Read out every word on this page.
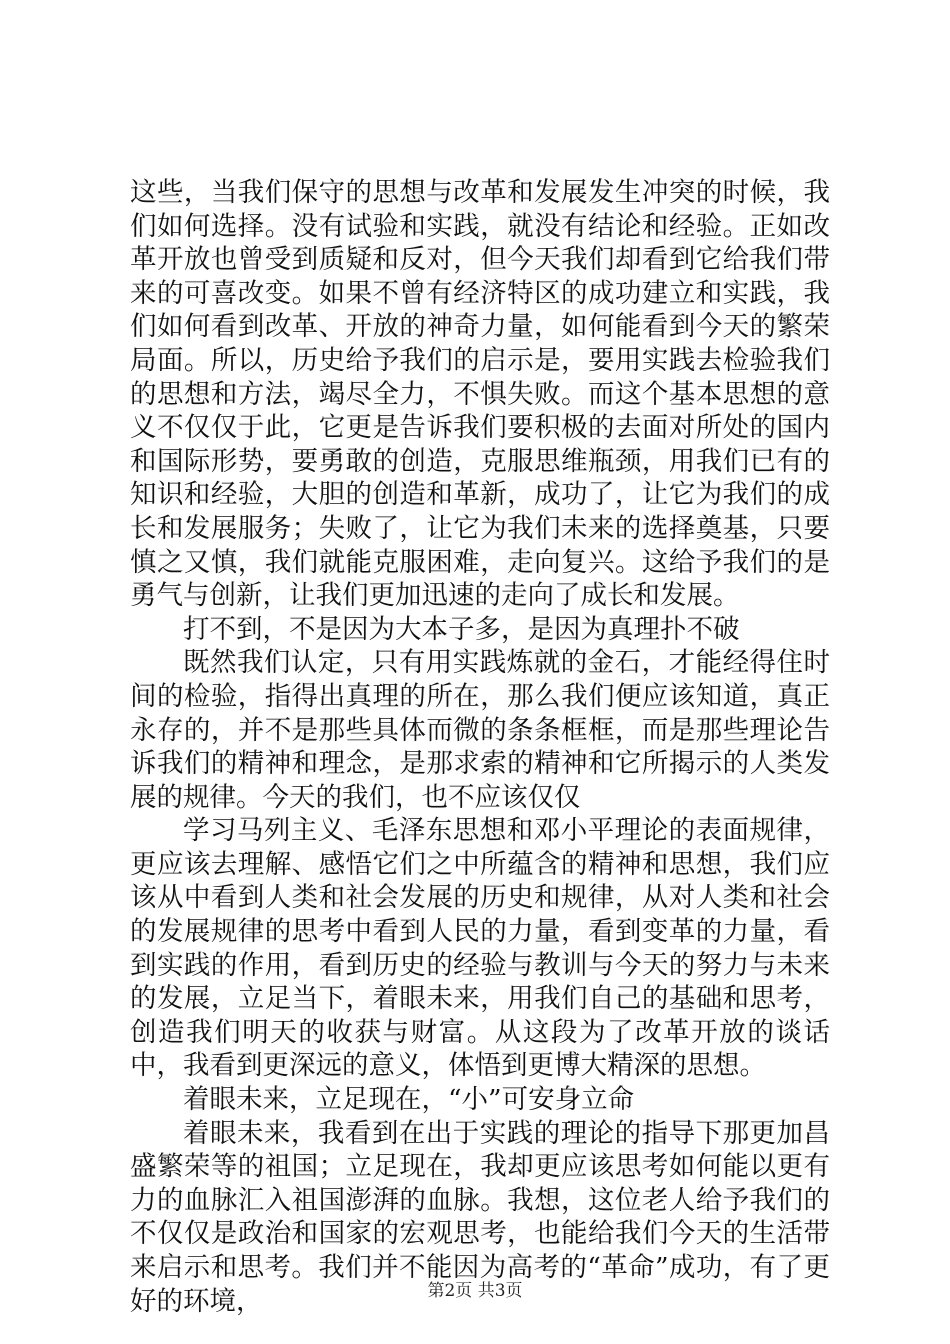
这些，当我们保守的思想与改革和发展发生冲突的时候，我们如何选择。没有试验和实践，就没有结论和经验。正如改革开放也曾受到质疑和反对，但今天我们却看到它给我们带来的可喜改变。如果不曾有经济特区的成功建立和实践，我们如何看到改革、开放的神奇力量，如何能看到今天的繁荣局面。所以，历史给予我们的启示是，要用实践去检验我们的思想和方法，竭尽全力，不惧失败。而这个基本思想的意义不仅仅于此，它更是告诉我们要积极的去面对所处的国内和国际形势，要勇敢的创造，克服思维瓶颈，用我们已有的知识和经验，大胆的创造和革新，成功了，让它为我们的成长和发展服务；失败了，让它为我们未来的选择奠基，只要慎之又慎，我们就能克服困难，走向复兴。这给予我们的是勇气与创新，让我们更加迅速的走向了成长和发展。

打不到，不是因为大本子多，是因为真理扑不破

既然我们认定，只有用实践炼就的金石，才能经得住时间的检验，指得出真理的所在，那么我们便应该知道，真正永存的，并不是那些具体而微的条条框框，而是那些理论告诉我们的精神和理念，是那求索的精神和它所揭示的人类发展的规律。今天的我们，也不应该仅仅

学习马列主义、毛泽东思想和邓小平理论的表面规律，更应该去理解、感悟它们之中所蕴含的精神和思想，我们应该从中看到人类和社会发展的历史和规律，从对人类和社会的发展规律的思考中看到人民的力量，看到变革的力量，看到实践的作用，看到历史的经验与教训与今天的努力与未来的发展，立足当下，着眼未来，用我们自己的基础和思考，创造我们明天的收获与财富。从这段为了改革开放的谈话中，我看到更深远的意义，体悟到更博大精深的思想。

着眼未来，立足现在，“小”可安身立命

着眼未来，我看到在出于实践的理论的指导下那更加昌盛繁荣等的祖国；立足现在，我却更应该思考如何能以更有力的血脉汇入祖国澎湃的血脉。我想，这位老人给予我们的不仅仅是政治和国家的宏观思考，也能给我们今天的生活带来启示和思考。我们并不能因为高考的“革命”成功，有了更好的环境，	第2页 共3页
